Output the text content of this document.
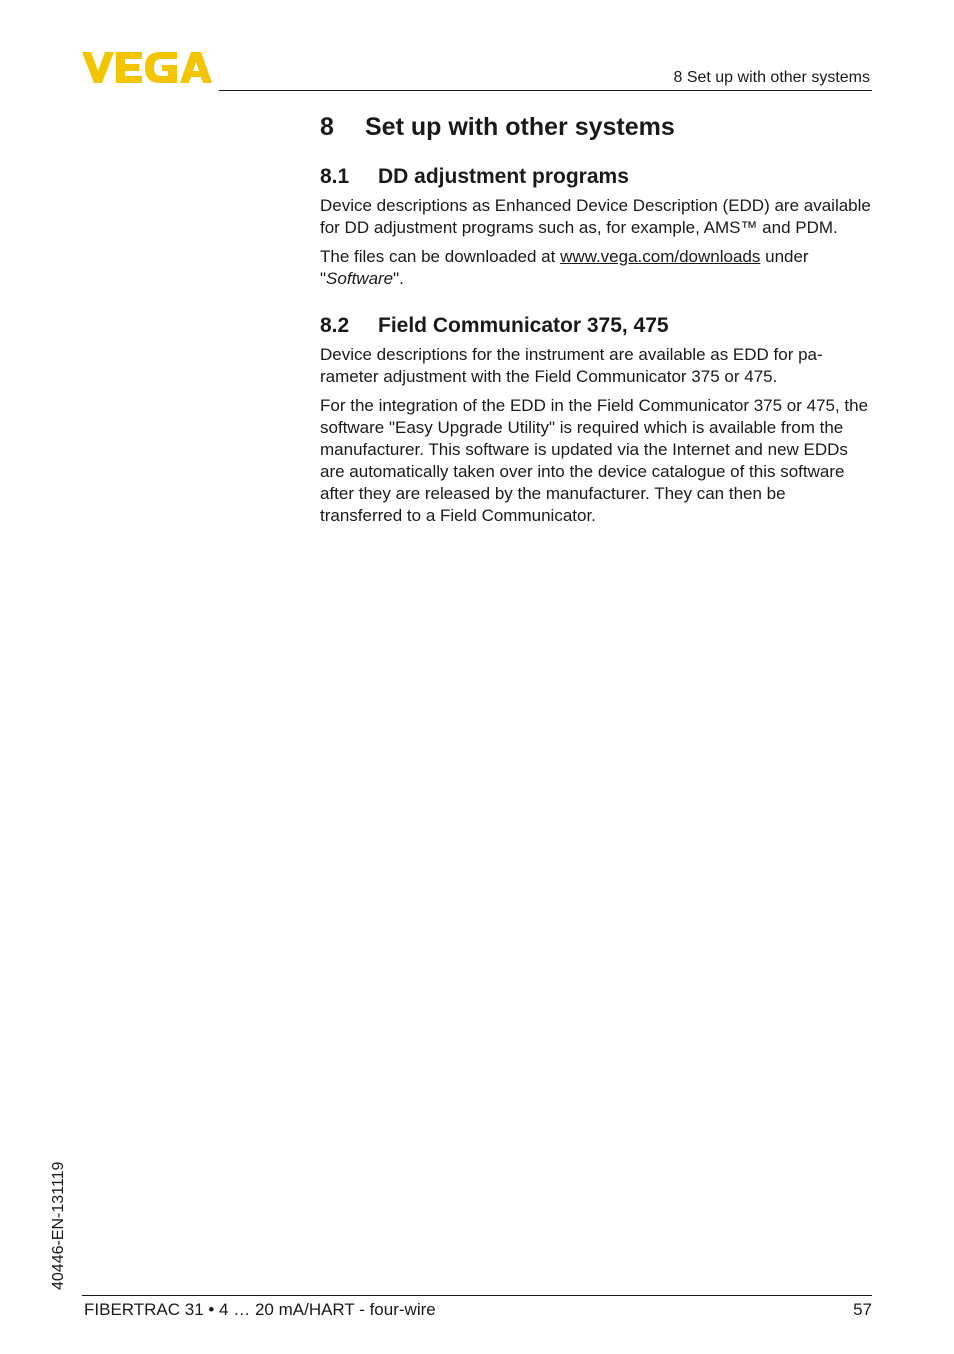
8 Set up with other systems
8	Set up with other systems
8.1	DD adjustment programs

Device descriptions as Enhanced Device Description (EDD) are available for DD adjustment programs such as, for example, AMS™ and PDM.

The files can be downloaded at www.vega.com/downloads under
"Software".

8.2	Field Communicator 375, 475

Device descriptions for the instrument are available as EDD for pa-rameter adjustment with the Field Communicator 375 or 475.

For the integration of the EDD in the Field Communicator 375 or 475, the software "Easy Upgrade Utility" is required which is available from the manufacturer. This software is updated via the Internet and new EDDs are automatically taken over into the device catalogue of this software after they are released by the manufacturer. They can then be transferred to a Field Communicator.

40446-EN-131119
FIBERTRAC 31 • 4 … 20 mA/HART - four-wire	57
